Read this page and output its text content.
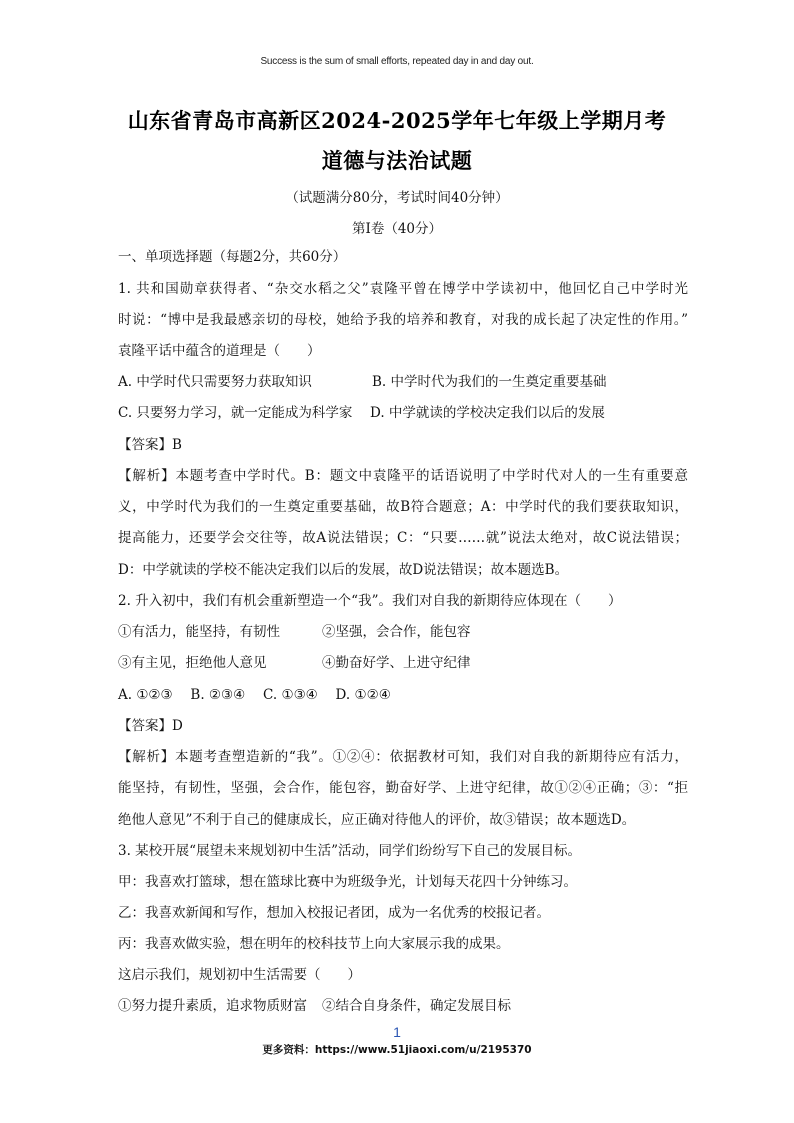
Success is the sum of small efforts, repeated day in and day out.
山东省青岛市高新区2024-2025学年七年级上学期月考
道德与法治试题
（试题满分80分，考试时间40分钟）
第Ⅰ卷（40分）
一、单项选择题（每题2分，共60分）
1. 共和国勋章获得者、“杂交水稻之父”袁隆平曾在博学中学读初中，他回忆自己中学时光
时说：“博中是我最感亲切的母校，她给予我的培养和教育，对我的成长起了决定性的作用。”
袁隆平话中蕴含的道理是（　　）
A. 中学时代只需要努力获取知识	B. 中学时代为我们的一生奠定重要基础
C. 只要努力学习，就一定能成为科学家 D. 中学就读的学校决定我们以后的发展
【答案】B
【解析】本题考查中学时代。B：题文中袁隆平的话语说明了中学时代对人的一生有重要意
义，中学时代为我们的一生奠定重要基础，故B符合题意；A：中学时代的我们要获取知识，
提高能力，还要学会交往等，故A说法错误；C：“只要……就”说法太绝对，故C说法错误；
D：中学就读的学校不能决定我们以后的发展，故D说法错误；故本题选B。
2. 升入初中，我们有机会重新塑造一个“我”。我们对自我的新期待应体现在（　　）
①有活力，能坚持，有韧性	②坚强，会合作，能包容
③有主见，拒绝他人意见	④勤奋好学、上进守纪律
A. ①②③　 B. ②③④　 C. ①③④　 D. ①②④
【答案】D
【解析】本题考查塑造新的“我”。①②④：依据教材可知，我们对自我的新期待应有活力，
能坚持，有韧性，坚强，会合作，能包容，勤奋好学、上进守纪律，故①②④正确；③：“拒
绝他人意见”不利于自己的健康成长，应正确对待他人的评价，故③错误；故本题选D。
3. 某校开展“展望未来规划初中生活”活动，同学们纷纷写下自己的发展目标。
甲：我喜欢打篮球，想在篮球比赛中为班级争光，计划每天花四十分钟练习。
乙：我喜欢新闻和写作，想加入校报记者团，成为一名优秀的校报记者。
丙：我喜欢做实验，想在明年的校科技节上向大家展示我的成果。
这启示我们，规划初中生活需要（　　）
①努力提升素质，追求物质财富 ②结合自身条件，确定发展目标
1
更多资料：https://www.51jiaoxi.com/u/2195370
